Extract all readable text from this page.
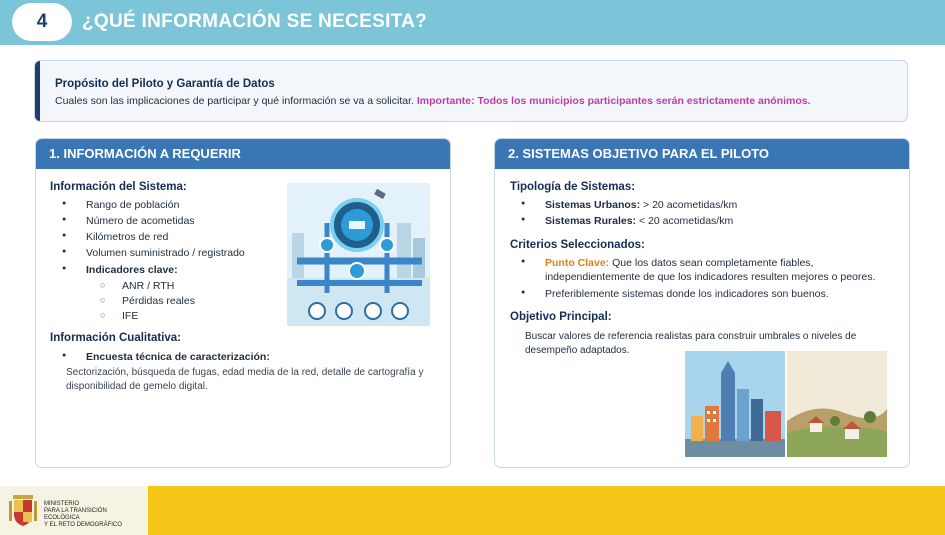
4	¿QUÉ INFORMACIÓN SE NECESITA?
Propósito del Piloto y Garantía de Datos
Cuales son las implicaciones de participar y qué información se va a solicitar. Importante: Todos los municipios participantes serán estrictamente anónimos.
1. INFORMACIÓN A REQUERIR
Información del Sistema:
● Rango de población
● Número de acometidas
● Kilómetros de red
● Volumen suministrado / registrado
● Indicadores clave:
○ ANR / RTH
○ Pérdidas reales
○ IFE
Información Cualitativa:
● Encuesta técnica de caracterización:
Sectorización, búsqueda de fugas, edad media de la red, detalle de cartografía y disponibilidad de gemelo digital.
2. SISTEMAS OBJETIVO PARA EL PILOTO
Tipología de Sistemas:
● Sistemas Urbanos: > 20 acometidas/km
● Sistemas Rurales: < 20 acometidas/km
Criterios Seleccionados:
● Punto Clave: Que los datos sean completamente fiables,
independientemente de que los indicadores resulten mejores o peores.
● Preferiblemente sistemas donde los indicadores son buenos.
Objetivo Principal:
Buscar valores de referencia realistas para construir umbrales o niveles de desempeño adaptados.
MINISTERIO
PARA LA TRANSICIÓN ECOLÓGICA
Y EL RETO DEMOGRÁFICO
